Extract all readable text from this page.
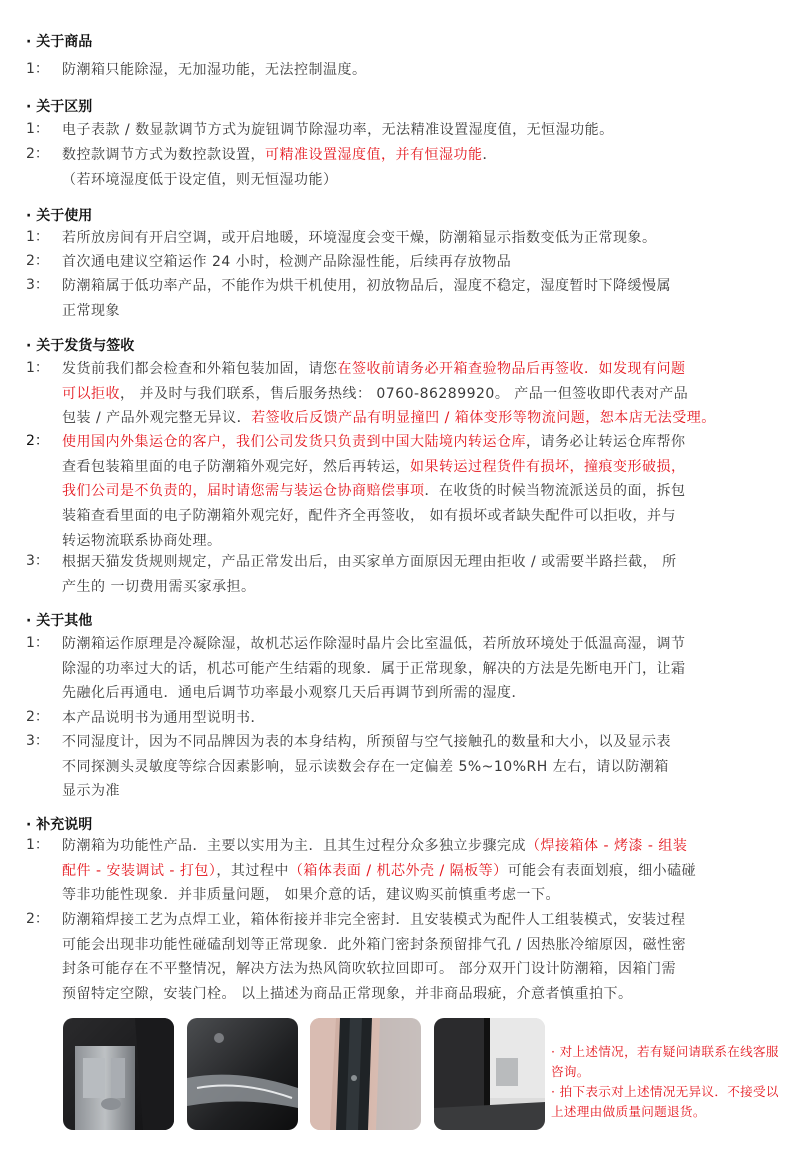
· 关于商品
1： 防潮箱只能除湿，无加湿功能，无法控制温度。
· 关于区别
1： 电子表款 / 数显款调节方式为旋钮调节除湿功率，无法精准设置湿度值，无恒湿功能。
2： 数控款调节方式为数控款设置，可精准设置湿度值，并有恒湿功能．
（若环境湿度低于设定值，则无恒湿功能）
· 关于使用
1： 若所放房间有开启空调，或开启地暖，环境湿度会变干燥，防潮箱显示指数变低为正常现象。
2： 首次通电建议空箱运作 24 小时，检测产品除湿性能，后续再存放物品
3： 防潮箱属于低功率产品，不能作为烘干机使用，初放物品后，湿度不稳定，湿度暂时下降缓慢属
正常现象
· 关于发货与签收
1： 发货前我们都会检查和外箱包装加固，请您在签收前请务必开箱查验物品后再签收．如发现有问题
可以拒收， 并及时与我们联系，售后服务热线： 0760-86289920。 产品一但签收即代表对产品
包装 / 产品外观完整无异议．若签收后反馈产品有明显撞凹 / 箱体变形等物流问题，恕本店无法受理。
2： 使用国内外集运仓的客户，我们公司发货只负责到中国大陆境内转运仓库，请务必让转运仓库帮你
查看包装箱里面的电子防潮箱外观完好，然后再转运，如果转运过程货件有损坏，撞痕变形破损，
我们公司是不负责的，届时请您需与装运仓协商赔偿事项．在收货的时候当物流派送员的面，拆包
装箱查看里面的电子防潮箱外观完好，配件齐全再签收， 如有损坏或者缺失配件可以拒收，并与
转运物流联系协商处理。
3： 根据天猫发货规则规定，产品正常发出后，由买家单方面原因无理由拒收 / 或需要半路拦截， 所
产生的 一切费用需买家承担。
· 关于其他
1： 防潮箱运作原理是冷凝除湿，故机芯运作除湿时晶片会比室温低，若所放环境处于低温高湿，调节
除湿的功率过大的话，机芯可能产生结霜的现象．属于正常现象，解决的方法是先断电开门，让霜
先融化后再通电．通电后调节功率最小观察几天后再调节到所需的湿度．
2： 本产品说明书为通用型说明书．
3： 不同湿度计，因为不同品牌因为表的本身结构，所预留与空气接触孔的数量和大小，以及显示表
不同探测头灵敏度等综合因素影响，显示读数会存在一定偏差 5%~10%RH 左右，请以防潮箱
显示为准
· 补充说明
1： 防潮箱为功能性产品．主要以实用为主．且其生过程分众多独立步骤完成（焊接箱体 - 烤漆 - 组装
配件 - 安装调试 - 打包），其过程中（箱体表面 / 机芯外壳 / 隔板等）可能会有表面划痕，细小磕碰
等非功能性现象．并非质量问题， 如果介意的话，建议购买前慎重考虑一下。
2： 防潮箱焊接工艺为点焊工业，箱体衔接并非完全密封．且安装模式为配件人工组装模式，安装过程
可能会出现非功能性碰磕刮划等正常现象．此外箱门密封条预留排气孔 / 因热胀冷缩原因，磁性密
封条可能存在不平整情况，解决方法为热风筒吹软拉回即可。 部分双开门设计防潮箱，因箱门需
预留特定空隙，安装门栓。 以上描述为商品正常现象，并非商品瑕疵，介意者慎重拍下。
· 对上述情况，若有疑问请联系在线客服咨询。
· 拍下表示对上述情况无异议．不接受以上述理由做质量问题退货。
